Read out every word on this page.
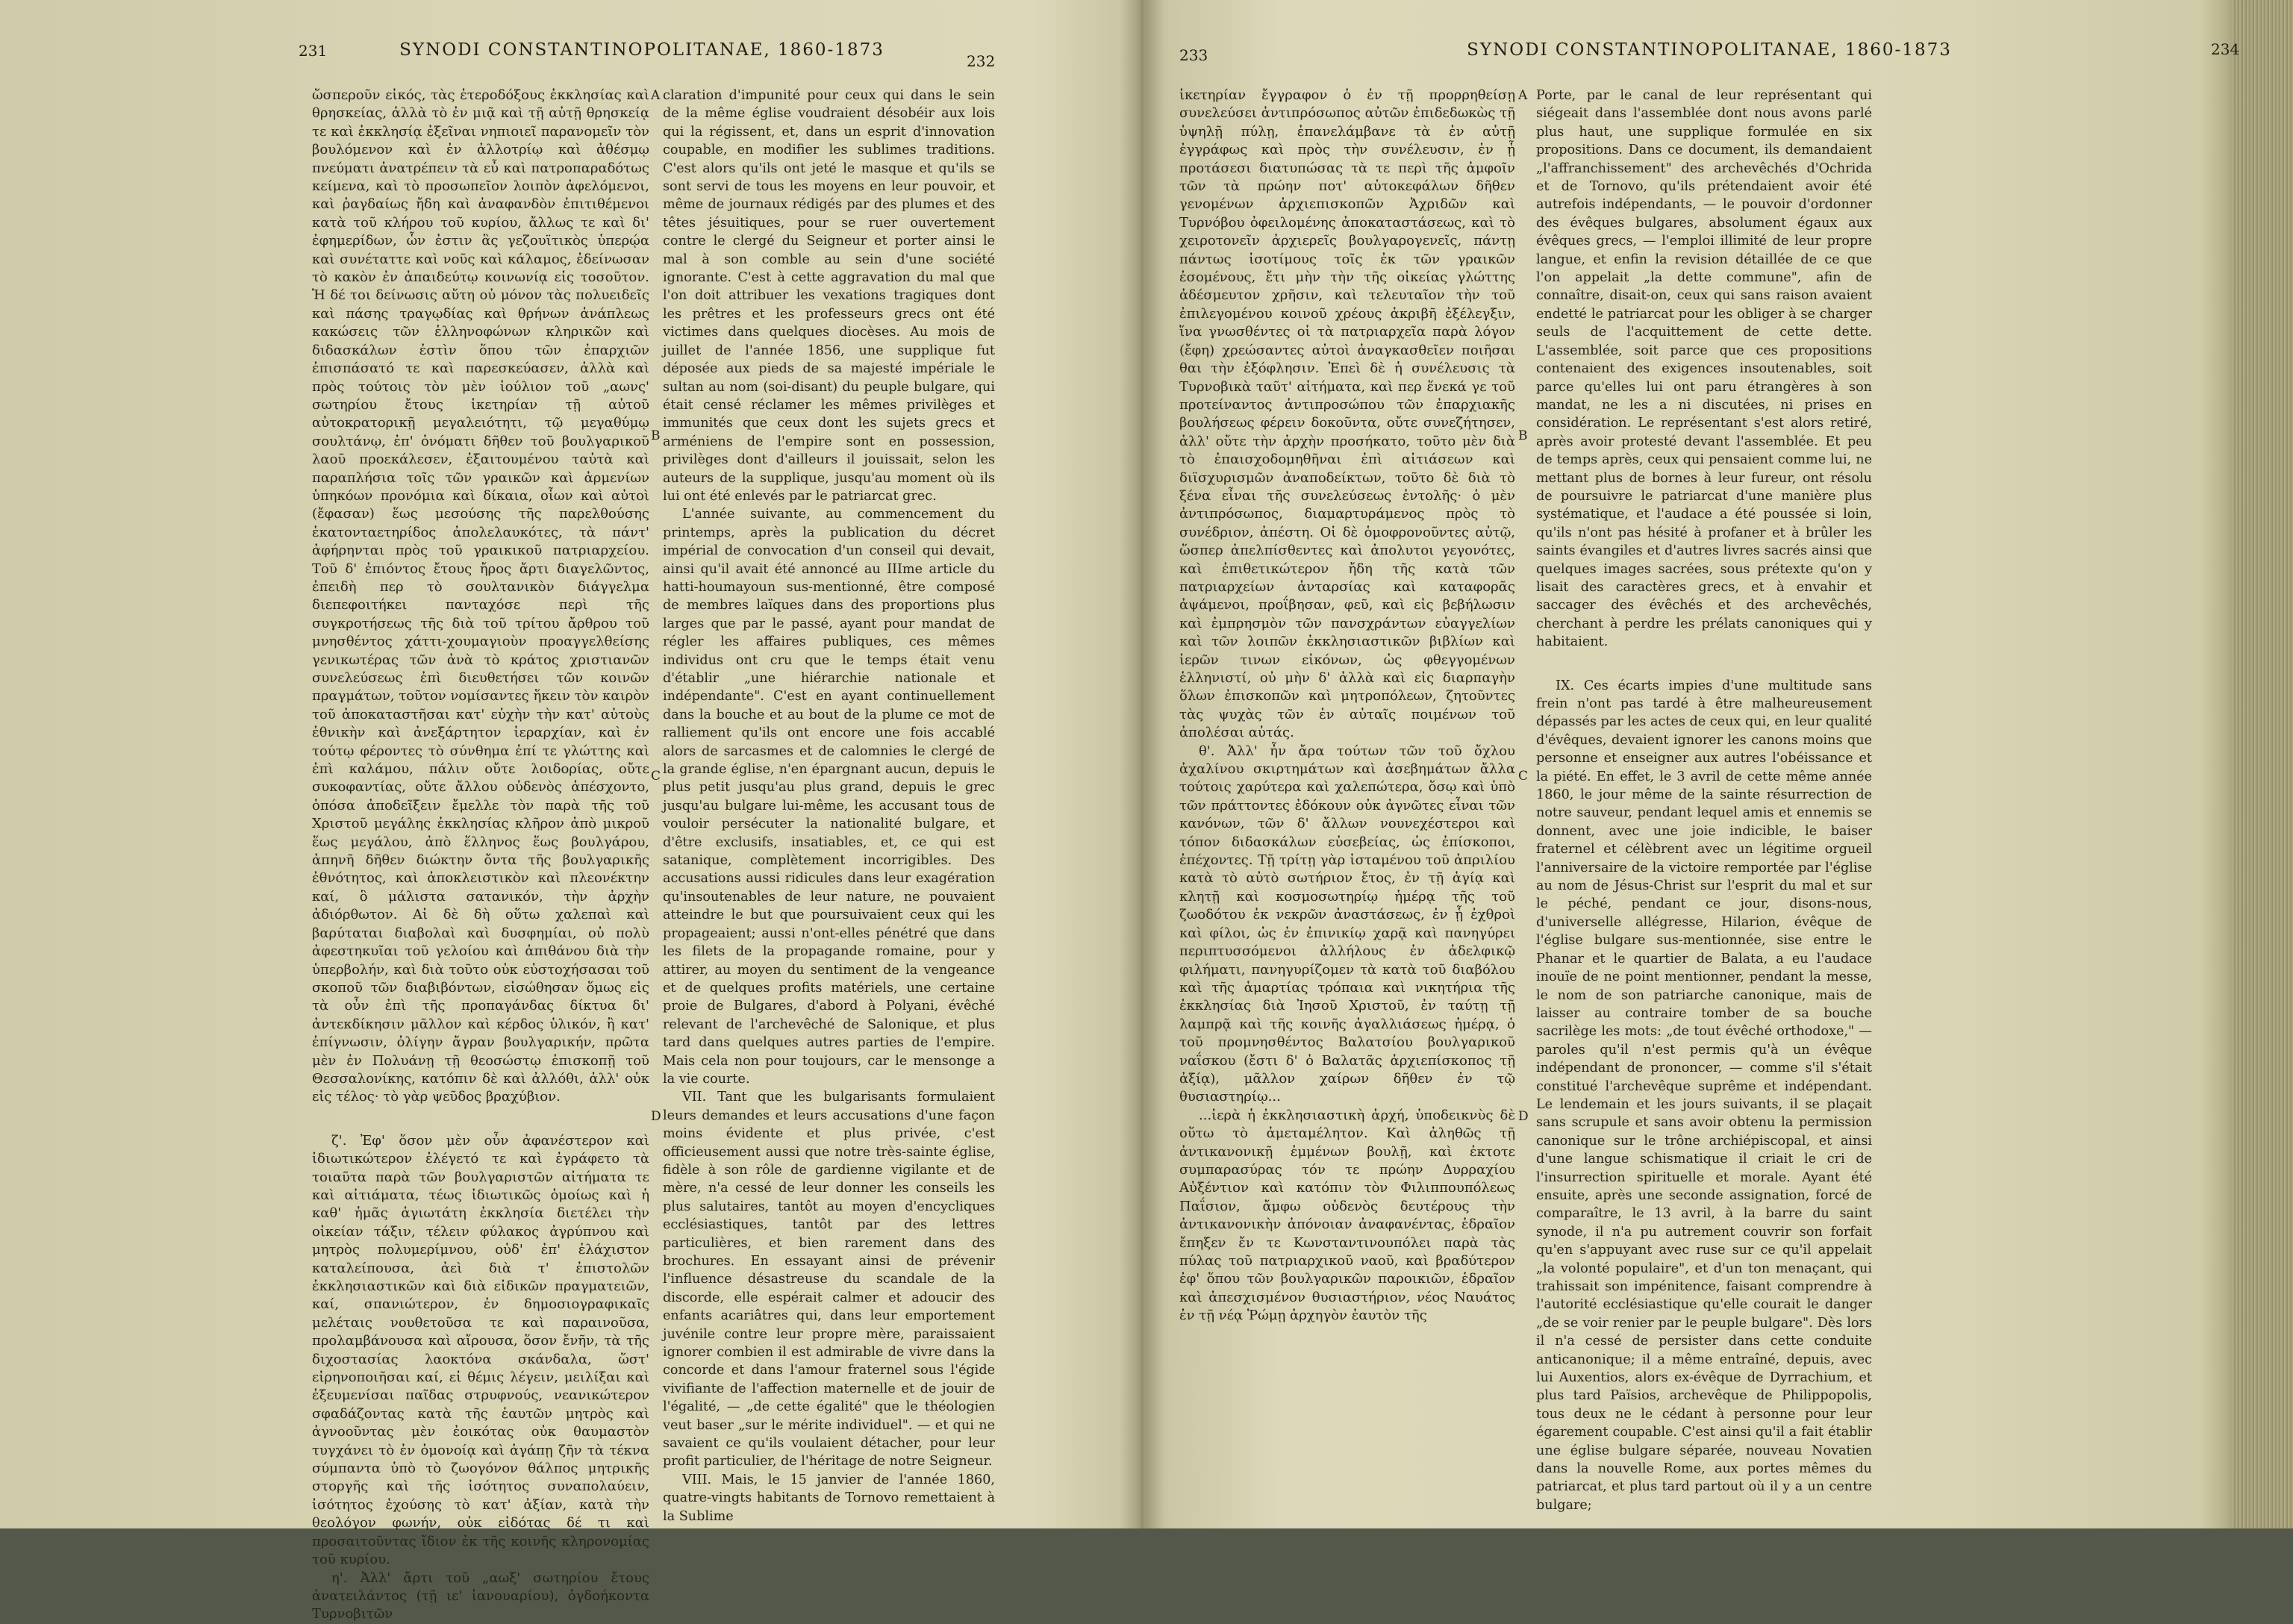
231	SYNODI CONSTANTINOPOLITANAE, 1860-1873
232

ὥσπεροῦν εἰκός, τὰς ἑτεροδόξους ἐκκλησίας καὶ θρησκείας, ἀλλὰ τὸ ἐν μιᾷ καὶ τῇ αὐτῇ θρησκείᾳ τε καὶ ἐκκλησίᾳ ἐξεῖναι νηπιοιεῖ παρανομεῖν τὸν βουλόμενον καὶ ἐν ἀλλοτρίῳ καὶ ἀθέσμῳ πνεύματι ἀνατρέπειν τὰ εὖ καὶ πατροπαραδότως κείμενα, καὶ τὸ προσωπεῖον λοιπὸν ἀφελόμενοι, καὶ ῥαγδαίως ἤδη καὶ ἀναφανδὸν ἐπιτιθέμενοι κατὰ τοῦ κλήρου τοῦ κυρίου, ἄλλως τε καὶ δι' ἐφημερίδων, ὧν ἐστιν ἃς γεζουϊτικὸς ὑπερῴα καὶ συνέταττε καὶ νοῦς καὶ κάλαμος, ἐδείνωσαν τὸ κακὸν ἐν ἀπαιδεύτῳ κοινωνίᾳ εἰς τοσοῦτον. Ἡ δέ τοι δείνωσις αὕτη οὐ μόνον τὰς πολυειδεῖς καὶ πάσης τραγῳδίας καὶ θρήνων ἀνάπλεως κακώσεις τῶν ἑλληνοφώνων κληρικῶν καὶ διδασκάλων ἐστὶν ὅπου τῶν ἐπαρχιῶν ἐπισπάσατό τε καὶ παρεσκεύασεν, ἀλλὰ καὶ πρὸς τούτοις τὸν μὲν ἰούλιον τοῦ „αωνς' σωτηρίου ἔτους ἱκετηρίαν τῇ αὐτοῦ αὐτοκρατορικῇ μεγαλειότητι, τῷ μεγαθύμῳ σουλτάνῳ, ἐπ' ὀνόματι δῆθεν τοῦ βουλγαρικοῦ λαοῦ προεκάλεσεν, ἐξαιτουμένου ταὐτὰ καὶ παραπλήσια τοῖς τῶν γραικῶν καὶ ἀρμενίων ὑπηκόων προνόμια καὶ δίκαια, οἷων καὶ αὐτοὶ (ἔφασαν) ἕως μεσούσης τῆς παρελθούσης ἑκατονταετηρίδος ἀπολελαυκότες, τὰ πάντ' ἀφήρηνται πρὸς τοῦ γραικικοῦ πατριαρχείου. Τοῦ δ' ἐπιόντος ἔτους ἤρος ἄρτι διαγελῶντος, ἐπειδὴ περ τὸ σουλτανικὸν διάγγελμα διεπεφοιτήκει πανταχόσε περὶ τῆς συγκροτήσεως τῆς διὰ τοῦ τρίτου ἄρθρου τοῦ μνησθέντος χάττι-χουμαγιοὺν προαγγελθείσης γενικωτέρας τῶν ἀνὰ τὸ κράτος χριστιανῶν συνελεύσεως ἐπὶ διευθετήσει τῶν κοινῶν πραγμάτων, τοῦτον νομίσαντες ἥκειν τὸν καιρὸν τοῦ ἀποκαταστῆσαι κατ' εὐχὴν τὴν κατ' αὐτοὺς ἐθνικὴν καὶ ἀνεξάρτητον ἱεραρχίαν, καὶ ἐν τούτῳ φέροντες τὸ σύνθημα ἐπί τε γλώττης καὶ ἐπὶ καλάμου, πάλιν οὔτε λοιδορίας, οὔτε συκοφαντίας, οὔτε ἄλλου οὐδενὸς ἀπέσχοντο, ὁπόσα ἀποδεῖξειν ἔμελλε τὸν παρὰ τῆς τοῦ Χριστοῦ μεγάλης ἐκκλησίας κλῆρον ἀπὸ μικροῦ ἕως μεγάλου, ἀπὸ ἕλληνος ἕως βουλγάρου, ἀπηνῆ δῆθεν διώκτην ὄντα τῆς βουλγαρικῆς ἐθνότητος, καὶ ἀποκλειστικὸν καὶ πλεονέκτην καί, ὃ μάλιστα σατανικόν, τὴν ἀρχὴν ἀδιόρθωτον. Αἱ δὲ δὴ οὕτω χαλεπαὶ καὶ βαρύταται διαβολαὶ καὶ δυσφημίαι, οὐ πολὺ ἀφεστηκυῖαι τοῦ γελοίου καὶ ἀπιθάνου διὰ τὴν ὑπερβολήν, καὶ διὰ τοῦτο οὐκ εὐστοχήσασαι τοῦ σκοποῦ τῶν διαβιβόντων, εἰσώθησαν ὅμως εἰς τὰ οὖν ἐπὶ τῆς προπαγάνδας δίκτυα δι' ἀντεκδίκησιν μᾶλλον καὶ κέρδος ὑλικόν, ἢ κατ' ἐπίγνωσιν, ὀλίγην ἄγραν βουλγαρικήν, πρῶτα μὲν ἐν Πολυάνῃ τῇ θεοσώστῳ ἐπισκοπῇ τοῦ Θεσσαλονίκης, κατόπιν δὲ καὶ ἀλλόθι, ἀλλ' οὐκ εἰς τέλος· τὸ γὰρ ψεῦδος βραχύβιον.

ζ'. Ἐφ' ὅσον μὲν οὖν ἀφανέστερον καὶ ἰδιωτικώτερον ἐλέγετό τε καὶ ἐγράφετο τὰ τοιαῦτα παρὰ τῶν βουλγαριστῶν αἰτήματα τε καὶ αἰτιάματα, τέως ἰδιωτικῶς ὁμοίως καὶ ἡ καθ' ἡμᾶς ἁγιωτάτη ἐκκλησία διετέλει τὴν οἰκείαν τάξιν, τέλειν φύλακος ἀγρύπνου καὶ μητρὸς πολυμερίμνου, οὐδ' ἐπ' ἐλάχιστον καταλείπουσα, ἀεὶ διὰ τ' ἐπιστολῶν ἐκκλησιαστικῶν καὶ διὰ εἰδικῶν πραγματειῶν, καί, σπανιώτερον, ἐν δημοσιογραφικαῖς μελέταις νουθετοῦσα τε καὶ παραινοῦσα, προλαμβάνουσα καὶ αἴρουσα, ὅσον ἔνῆν, τὰ τῆς διχοστασίας λαοκτόνα σκάνδαλα, ὥστ' εἰρηνοποιῆσαι καί, εἰ θέμις λέγειν, μειλίξαι καὶ ἐξευμενίσαι παῖδας στρυφνούς, νεανικώτερον σφαδάζοντας κατὰ τῆς ἑαυτῶν μητρὸς καὶ ἀγνοοῦντας μὲν ἐοικότας οὐκ θαυμαστὸν τυγχάνει τὸ ἐν ὁμονοίᾳ καὶ ἀγάπῃ ζῆν τὰ τέκνα σύμπαντα ὑπὸ τὸ ζωογόνον θάλπος μητρικῆς στοργῆς καὶ τῆς ἰσότητος συναπολαύειν, ἰσότητος ἐχούσης τὸ κατ' ἀξίαν, κατὰ τὴν θεολόγον φωνήν, οὐκ εἰδότας δέ τι καὶ προσαιτοῦντας ἴδιον ἐκ τῆς κοινῆς κληρονομίας τοῦ κυρίου.

η'. Ἀλλ' ἄρτι τοῦ „αωξ' σωτηρίου ἔτους ἀνατειλάντος (τῇ ιε' ἰανουαρίου), ὀγδοήκοντα Τυρνοβιτῶν

A
B
C
D

claration d'impunité pour ceux qui dans le sein de la même église voudraient désobéir aux lois qui la régissent, et, dans un esprit d'innovation coupable, en modifier les sublimes traditions. C'est alors qu'ils ont jeté le masque et qu'ils se sont servi de tous les moyens en leur pouvoir, et même de journaux rédigés par des plumes et des têtes jésuitiques, pour se ruer ouvertement contre le clergé du Seigneur et porter ainsi le mal à son comble au sein d'une société ignorante. C'est à cette aggravation du mal que l'on doit attribuer les vexations tragiques dont les prêtres et les professeurs grecs ont été victimes dans quelques diocèses. Au mois de juillet de l'année 1856, une supplique fut déposée aux pieds de sa majesté impériale le sultan au nom (soi-disant) du peuple bulgare, qui était censé réclamer les mêmes privilèges et immunités que ceux dont les sujets grecs et arméniens de l'empire sont en possession, privilèges dont d'ailleurs il jouissait, selon les auteurs de la supplique, jusqu'au moment où ils lui ont été enlevés par le patriarcat grec.

L'année suivante, au commencement du printemps, après la publication du décret impérial de convocation d'un conseil qui devait, ainsi qu'il avait été annoncé au IIIme article du hatti-houmayoun sus-mentionné, être composé de membres laïques dans des proportions plus larges que par le passé, ayant pour mandat de régler les affaires publiques, ces mêmes individus ont cru que le temps était venu d'établir „une hiérarchie nationale et indépendante". C'est en ayant continuellement dans la bouche et au bout de la plume ce mot de ralliement qu'ils ont encore une fois accablé alors de sarcasmes et de calomnies le clergé de la grande église, n'en épargnant aucun, depuis le plus petit jusqu'au plus grand, depuis le grec jusqu'au bulgare lui-même, les accusant tous de vouloir persécuter la nationalité bulgare, et d'être exclusifs, insatiables, et, ce qui est satanique, complètement incorrigibles. Des accusations aussi ridicules dans leur exagération qu'insoutenables de leur nature, ne pouvaient atteindre le but que poursuivaient ceux qui les propageaient; aussi n'ont-elles pénétré que dans les filets de la propagande romaine, pour y attirer, au moyen du sentiment de la vengeance et de quelques profits matériels, une certaine proie de Bulgares, d'abord à Polyani, évêché relevant de l'archevêché de Salonique, et plus tard dans quelques autres parties de l'empire. Mais cela non pour toujours, car le mensonge a la vie courte.

VII. Tant que les bulgarisants formulaient leurs demandes et leurs accusations d'une façon moins évidente et plus privée, c'est officieusement aussi que notre très-sainte église, fidèle à son rôle de gardienne vigilante et de mère, n'a cessé de leur donner les conseils les plus salutaires, tantôt au moyen d'encycliques ecclésiastiques, tantôt par des lettres particulières, et bien rarement dans des brochures. En essayant ainsi de prévenir l'influence désastreuse du scandale de la discorde, elle espérait calmer et adoucir des enfants acariâtres qui, dans leur emportement juvénile contre leur propre mère, paraissaient ignorer combien il est admirable de vivre dans la concorde et dans l'amour fraternel sous l'égide vivifiante de l'affection maternelle et de jouir de l'égalité, — „de cette égalité" que le théologien veut baser „sur le mérite individuel". — et qui ne savaient ce qu'ils voulaient détacher, pour leur profit particulier, de l'héritage de notre Seigneur.

VIII. Mais, le 15 janvier de l'année 1860, quatre-vingts habitants de Tornovo remettaient à la Sublime

233	SYNODI CONSTANTINOPOLITANAE, 1860-1873	234

ἱκετηρίαν ἔγγραφον ὁ ἐν τῇ προρρηθείσῃ συνελεύσει ἀντιπρόσωπος αὐτῶν ἐπιδεδωκὼς τῇ ὑψηλῇ πύλῃ, ἐπανελάμβανε τὰ ἐν αὐτῇ ἐγγράφως καὶ πρὸς τὴν συνέλευσιν, ἐν ᾗ προτάσεσι διατυπώσας τὰ τε περὶ τῆς ἀμφοῖν τῶν τὰ πρώην ποτ' αὐτοκεφάλων δῆθεν γενομένων ἀρχιεπισκοπῶν Ἀχριδῶν καὶ Τυρνόβου ὀφειλομένης ἀποκαταστάσεως, καὶ τὸ χειροτονεῖν ἀρχιερεῖς βουλγαρογενεῖς, πάντῃ πάντως ἰσοτίμους τοῖς ἐκ τῶν γραικῶν ἐσομένους, ἔτι μὴν τὴν τῆς οἰκείας γλώττης ἀδέσμευτον χρῆσιν, καὶ τελευταῖον τὴν τοῦ ἐπιλεγομένου κοινοῦ χρέους ἀκριβῆ ἐξέλεγξιν, ἵνα γνωσθέντες οἱ τὰ πατριαρχεῖα παρὰ λόγον (ἔφη) χρεώσαντες αὐτοὶ ἀναγκασθεῖεν ποιῆσαι θαι τὴν ἐξόφλησιν. Ἐπεὶ δὲ ἡ συνέλευσις τὰ Τυρνοβικὰ ταῦτ' αἰτήματα, καὶ περ ἕνεκά γε τοῦ προτείναντος ἀντιπροσώπου τῶν ἐπαρχιακῆς βουλήσεως φέρειν δοκοῦντα, οὔτε συνεζήτησεν, ἀλλ' οὔτε τὴν ἀρχὴν προσήκατο, τοῦτο μὲν διὰ τὸ ἐπαισχοδομηθῆναι ἐπὶ αἰτιάσεων καὶ διϊσχυρισμῶν ἀναποδείκτων, τοῦτο δὲ διὰ τὸ ξένα εἶναι τῆς συνελεύσεως ἐντολῆς· ὁ μὲν ἀντιπρόσωπος, διαμαρτυράμενος πρὸς τὸ συνέδριον, ἀπέστη. Οἱ δὲ ὁμοφρονοῦντες αὐτῷ, ὥσπερ ἀπελπίσθεντες καὶ ἀπολυτοι γεγονότες, καὶ ἐπιθετικώτερον ἤδη τῆς κατὰ τῶν πατριαρχείων ἀνταρσίας καὶ καταφορᾶς ἀψάμενοι, προΐβησαν, φεῦ, καὶ εἰς βεβήλωσιν καὶ ἐμπρησμὸν τῶν πανσχράντων εὐαγγελίων καὶ τῶν λοιπῶν ἐκκλησιαστικῶν βιβλίων καὶ ἱερῶν τινων εἰκόνων, ὡς φθεγγομένων ἑλληνιστί, οὐ μὴν δ' ἀλλὰ καὶ εἰς διαρπαγὴν ὅλων ἐπισκοπῶν καὶ μητροπόλεων, ζητοῦντες τὰς ψυχὰς τῶν ἐν αὐταῖς ποιμένων τοῦ ἀπολέσαι αὐτάς.

θ'. Ἀλλ' ἦν ἄρα τούτων τῶν τοῦ ὄχλου ἀχαλίνου σκιρτημάτων καὶ ἀσεβημάτων ἄλλα τούτοις χαρύτερα καὶ χαλεπώτερα, ὅσῳ καὶ ὑπὸ τῶν πράττοντες ἐδόκουν οὐκ ἀγνῶτες εἶναι τῶν κανόνων, τῶν δ' ἄλλων νουνεχέστεροι καὶ τόπον διδασκάλων εὐσεβείας, ὡς ἐπίσκοποι, ἐπέχοντες. Τῇ τρίτῃ γὰρ ἱσταμένου τοῦ ἀπριλίου κατὰ τὸ αὐτὸ σωτήριον ἔτος, ἐν τῇ ἁγίᾳ καὶ κλητῇ καὶ κοσμοσωτηρίῳ ἡμέρᾳ τῆς τοῦ ζωοδότου ἐκ νεκρῶν ἀναστάσεως, ἐν ᾗ ἐχθροὶ καὶ φίλοι, ὡς ἐν ἐπινικίῳ χαρᾷ καὶ πανηγύρει περιπτυσσόμενοι ἀλλήλους ἐν ἀδελφικῷ φιλήματι, πανηγυρίζομεν τὰ κατὰ τοῦ διαβόλου καὶ τῆς ἁμαρτίας τρόπαια καὶ νικητήρια τῆς ἐκκλησίας διὰ Ἰησοῦ Χριστοῦ, ἐν ταύτῃ τῇ λαμπρᾷ καὶ τῆς κοινῆς ἀγαλλιάσεως ἡμέρᾳ, ὁ τοῦ προμνησθέντος Βαλατσίου βουλγαρικοῦ ναΐσκου (ἔστι δ' ὁ Βαλατᾶς ἀρχιεπίσκοπος τῇ ἀξίᾳ), μᾶλλον χαίρων δῆθεν ἐν τῷ θυσιαστηρίῳ...

...ἱερὰ ἡ ἐκκλησιαστικὴ ἀρχή, ὑποδεικνὺς δὲ οὕτω τὸ ἀμεταμέλητον. Καὶ ἀληθῶς τῇ ἀντικανονικῇ ἐμμένων βουλῇ, καὶ ἐκτοτε συμπαρασύρας τόν τε πρώην Δυρραχίου Αὐξέντιον καὶ κατόπιν τὸν Φιλιππουπόλεως Παΐσιον, ἄμφω οὐδενὸς δευτέρους τὴν ἀντικανονικὴν ἀπόνοιαν ἀναφανέντας, ἑδραῖον ἔπηξεν ἔν τε Κωνσταντινουπόλει παρὰ τὰς πύλας τοῦ πατριαρχικοῦ ναοῦ, καὶ βραδύτερον ἐφ' ὅπου τῶν βουλγαρικῶν παροικιῶν, ἑδραῖον καὶ ἀπεσχισμένον θυσιαστήριον, νέος Ναυάτος ἐν τῇ νέᾳ Ῥώμῃ ἀρχηγὸν ἑαυτὸν τῆς

A
B
C
D

Porte, par le canal de leur représentant qui siégeait dans l'assemblée dont nous avons parlé plus haut, une supplique formulée en six propositions. Dans ce document, ils demandaient „l'affranchissement" des archevêchés d'Ochrida et de Tornovo, qu'ils prétendaient avoir été autrefois indépendants, — le pouvoir d'ordonner des évêques bulgares, absolument égaux aux évêques grecs, — l'emploi illimité de leur propre langue, et enfin la revision détaillée de ce que l'on appelait „la dette commune", afin de connaître, disait-on, ceux qui sans raison avaient endetté le patriarcat pour les obliger à se charger seuls de l'acquittement de cette dette. L'assemblée, soit parce que ces propositions contenaient des exigences insoutenables, soit parce qu'elles lui ont paru étrangères à son mandat, ne les a ni discutées, ni prises en considération. Le représentant s'est alors retiré, après avoir protesté devant l'assemblée. Et peu de temps après, ceux qui pensaient comme lui, ne mettant plus de bornes à leur fureur, ont résolu de poursuivre le patriarcat d'une manière plus systématique, et l'audace a été poussée si loin, qu'ils n'ont pas hésité à profaner et à brûler les saints évangiles et d'autres livres sacrés ainsi que quelques images sacrées, sous prétexte qu'on y lisait des caractères grecs, et à envahir et saccager des évêchés et des archevêchés, cherchant à perdre les prélats canoniques qui y habitaient.

IX. Ces écarts impies d'une multitude sans frein n'ont pas tardé à être malheureusement dépassés par les actes de ceux qui, en leur qualité d'évêques, devaient ignorer les canons moins que personne et enseigner aux autres l'obéissance et la piété. En effet, le 3 avril de cette même année 1860, le jour même de la sainte résurrection de notre sauveur, pendant lequel amis et ennemis se donnent, avec une joie indicible, le baiser fraternel et célèbrent avec un légitime orgueil l'anniversaire de la victoire remportée par l'église au nom de Jésus-Christ sur l'esprit du mal et sur le péché, pendant ce jour, disons-nous, d'universelle allégresse, Hilarion, évêque de l'église bulgare sus-mentionnée, sise entre le Phanar et le quartier de Balata, a eu l'audace inouïe de ne point mentionner, pendant la messe, le nom de son patriarche canonique, mais de laisser au contraire tomber de sa bouche sacrilège les mots: „de tout évêché orthodoxe," — paroles qu'il n'est permis qu'à un évêque indépendant de prononcer, — comme s'il s'était constitué l'archevêque suprême et indépendant. Le lendemain et les jours suivants, il se plaçait sans scrupule et sans avoir obtenu la permission canonique sur le trône archiépiscopal, et ainsi d'une langue schismatique il criait le cri de l'insurrection spirituelle et morale. Ayant été ensuite, après une seconde assignation, forcé de comparaître, le 13 avril, à la barre du saint synode, il n'a pu autrement couvrir son forfait qu'en s'appuyant avec ruse sur ce qu'il appelait „la volonté populaire", et d'un ton menaçant, qui trahissait son impénitence, faisant comprendre à l'autorité ecclésiastique qu'elle courait le danger „de se voir renier par le peuple bulgare". Dès lors il n'a cessé de persister dans cette conduite anticanonique; il a même entraîné, depuis, avec lui Auxentios, alors ex-évêque de Dyrrachium, et plus tard Païsios, archevêque de Philippopolis, tous deux ne le cédant à personne pour leur égarement coupable. C'est ainsi qu'il a fait établir une église bulgare séparée, nouveau Novatien dans la nouvelle Rome, aux portes mêmes du patriarcat, et plus tard partout où il y a un centre bulgare;
